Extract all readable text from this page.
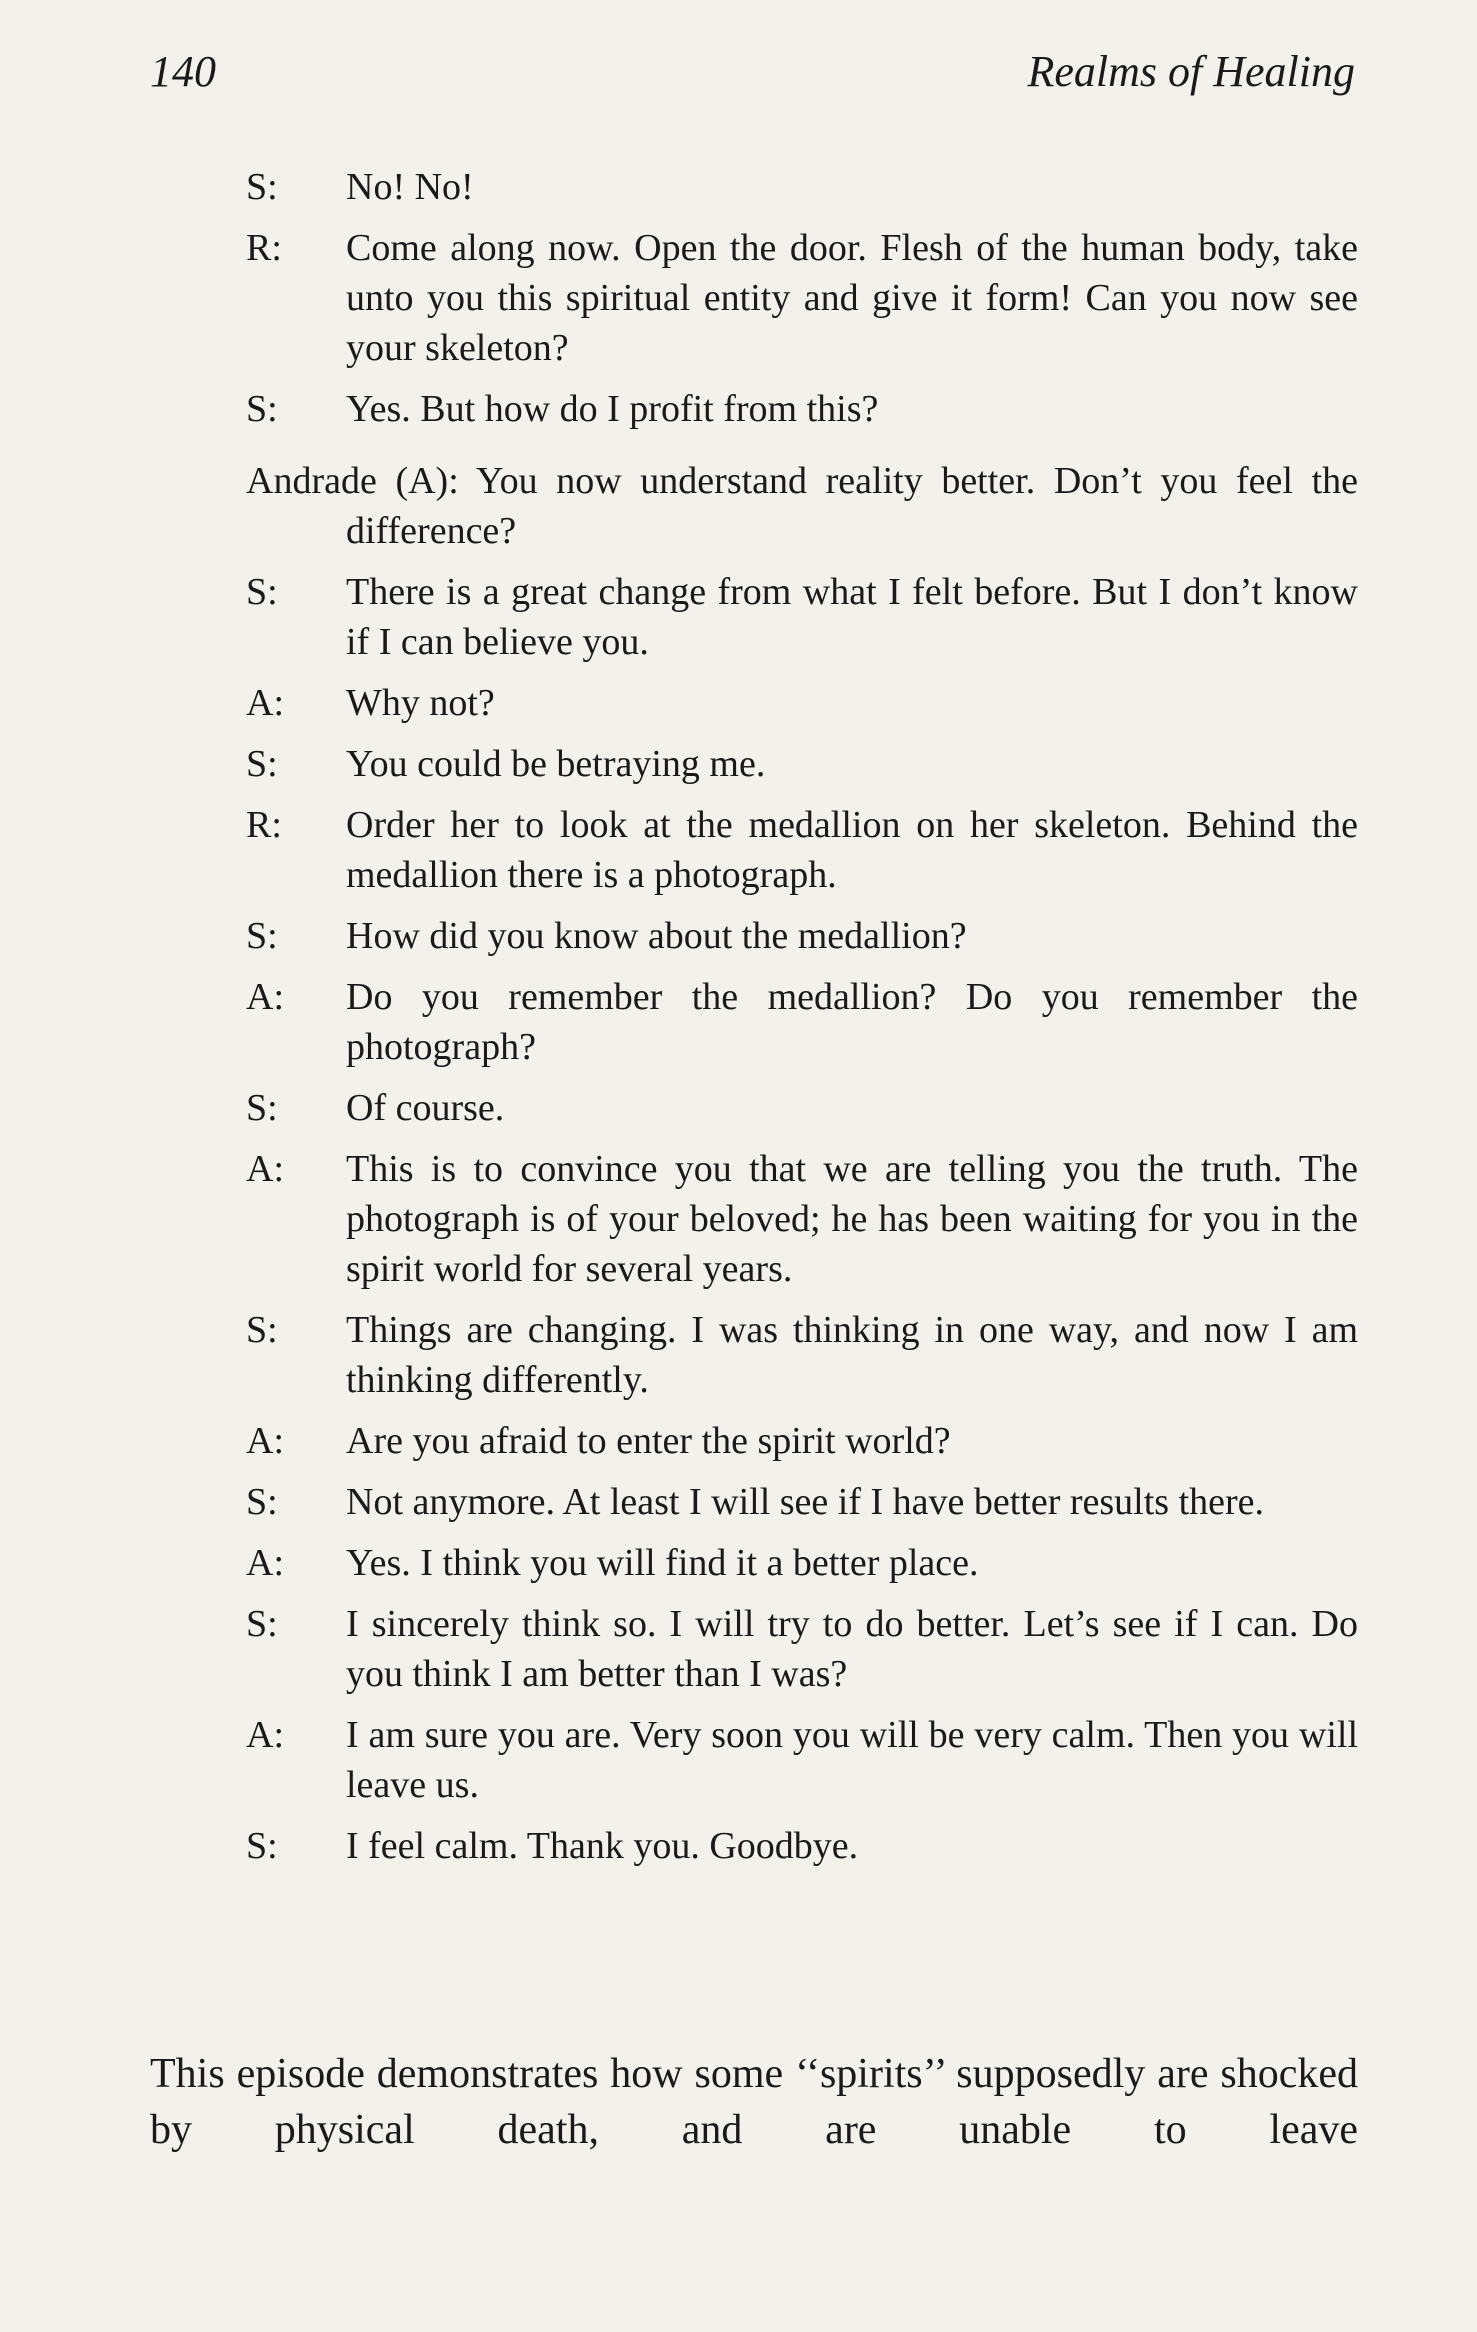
140	Realms of Healing
S:	No! No!
R:	Come along now. Open the door. Flesh of the human body, take unto you this spiritual entity and give it form! Can you now see your skeleton?
S:	Yes. But how do I profit from this?
Andrade (A): You now understand reality better. Don’t you feel the difference?
S:	There is a great change from what I felt before. But I don’t know if I can believe you.
A:	Why not?
S:	You could be betraying me.
R:	Order her to look at the medallion on her skeleton. Behind the medallion there is a photograph.
S:	How did you know about the medallion?
A:	Do you remember the medallion? Do you remember the photograph?
S:	Of course.
A:	This is to convince you that we are telling you the truth. The photograph is of your beloved; he has been waiting for you in the spirit world for several years.
S:	Things are changing. I was thinking in one way, and now I am thinking differently.
A:	Are you afraid to enter the spirit world?
S:	Not anymore. At least I will see if I have better results there.
A:	Yes. I think you will find it a better place.
S:	I sincerely think so. I will try to do better. Let’s see if I can. Do you think I am better than I was?
A:	I am sure you are. Very soon you will be very calm. Then you will leave us.
S:	I feel calm. Thank you. Goodbye.
This episode demonstrates how some ‘‘spirits’’ supposedly are shocked by physical death, and are unable to leave
